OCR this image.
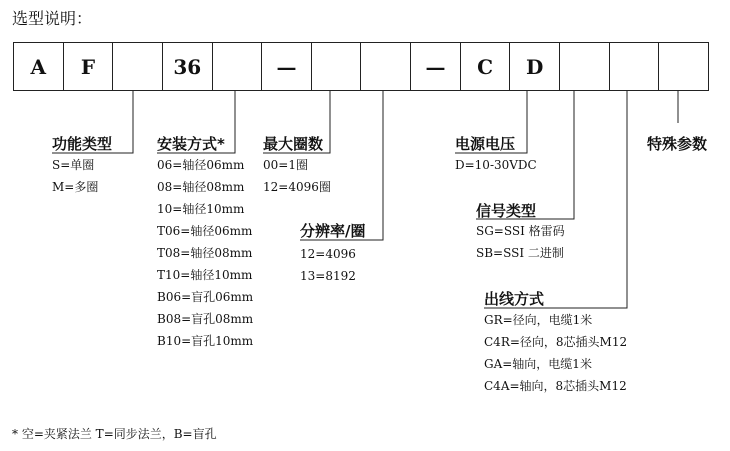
选型说明：
A	F	36	—	—	C	D
功能类型
S=单圈
M=多圈
安装方式*
06=轴径06mm
08=轴径08mm
10=轴径10mm
T06=轴径06mm
T08=轴径08mm
T10=轴径10mm
B06=盲孔06mm
B08=盲孔08mm
B10=盲孔10mm
最大圈数
00=1圈
12=4096圈
分辨率/圈
12=4096
13=8192
电源电压
D=10-30VDC
信号类型
SG=SSI 格雷码
SB=SSI 二进制
出线方式
GR=径向，电缆1米
C4R=径向，8芯插头M12
GA=轴向，电缆1米
C4A=轴向，8芯插头M12
特殊参数
* 空=夹紧法兰 T=同步法兰，B=盲孔
